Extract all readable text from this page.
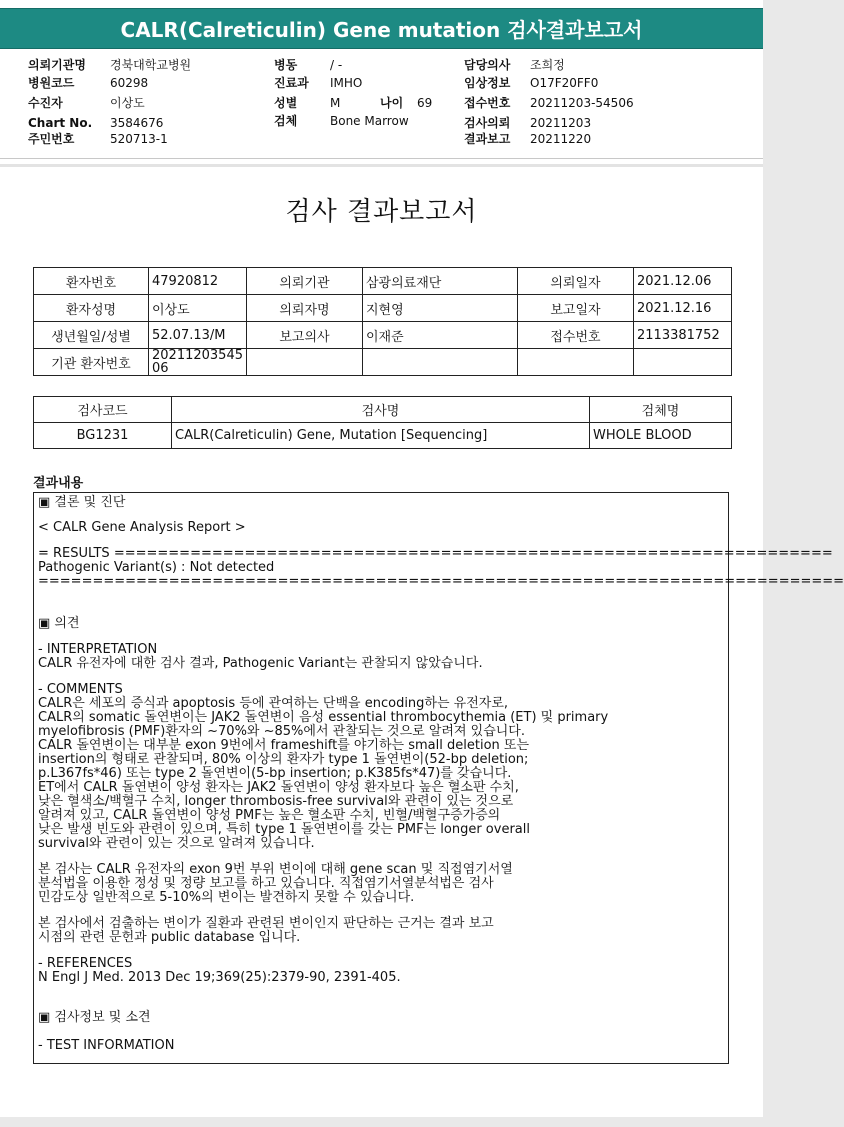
CALR(Calreticulin) Gene mutation 검사결과보고서
의뢰기관명 경북대학교병원
병원코드	60298
수진자	이상도
Chart No. 3584676
주민번호	520713-1
병동	/ -
진료과 IMHO
성별	M	나이 69
검체	Bone Marrow
담당의사 조희정
임상정보 O17F20FF0
접수번호 20211203-54506
검사의뢰 20211203
결과보고 20211220
검사 결과보고서
환자번호	47920812	의뢰기관	삼광의료재단	의뢰일자	2021.12.06
환자성명	이상도	의뢰자명	지현영	보고일자	2021.12.16
생년월일/성별	52.07.13/M	보고의사	이재준	접수번호	2113381752
기관 환자번호	2021120354506				
검사코드	검사명	검체명
BG1231	CALR(Calreticulin) Gene, Mutation [Sequencing]	WHOLE BLOOD
결과내용
▣ 결론 및 진단
< CALR Gene Analysis Report >
= RESULTS ==================================================================
Pathogenic Variant(s) : Not detected
==========================================================================
▣ 의견
- INTERPRETATION
CALR 유전자에 대한 검사 결과, Pathogenic Variant는 관찰되지 않았습니다.
- COMMENTS
CALR은 세포의 증식과 apoptosis 등에 관여하는 단백을 encoding하는 유전자로,
CALR의 somatic 돌연변이는 JAK2 돌연변이 음성 essential thrombocythemia (ET) 및 primary
myelofibrosis (PMF)환자의 ~70%와 ~85%에서 관찰되는 것으로 알려져 있습니다.
CALR 돌연변이는 대부분 exon 9번에서 frameshift를 야기하는 small deletion 또는
insertion의 형태로 관찰되며, 80% 이상의 환자가 type 1 돌연변이(52-bp deletion;
p.L367fs*46) 또는 type 2 돌연변이(5-bp insertion; p.K385fs*47)를 갖습니다.
ET에서 CALR 돌연변이 양성 환자는 JAK2 돌연변이 양성 환자보다 높은 혈소판 수치,
낮은 혈색소/백혈구 수치, longer thrombosis-free survival와 관련이 있는 것으로
알려져 있고, CALR 돌연변이 양성 PMF는 높은 혈소판 수치, 빈혈/백혈구증가증의
낮은 발생 빈도와 관련이 있으며, 특히 type 1 돌연변이를 갖는 PMF는 longer overall
survival와 관련이 있는 것으로 알려져 있습니다.
본 검사는 CALR 유전자의 exon 9번 부위 변이에 대해 gene scan 및 직접염기서열
분석법을 이용한 정성 및 정량 보고를 하고 있습니다. 직접염기서열분석법은 검사
민감도상 일반적으로 5-10%의 변이는 발견하지 못할 수 있습니다.
본 검사에서 검출하는 변이가 질환과 관련된 변이인지 판단하는 근거는 결과 보고
시점의 관련 문헌과 public database 입니다.
- REFERENCES
N Engl J Med. 2013 Dec 19;369(25):2379-90, 2391-405.
▣ 검사정보 및 소견
- TEST INFORMATION
